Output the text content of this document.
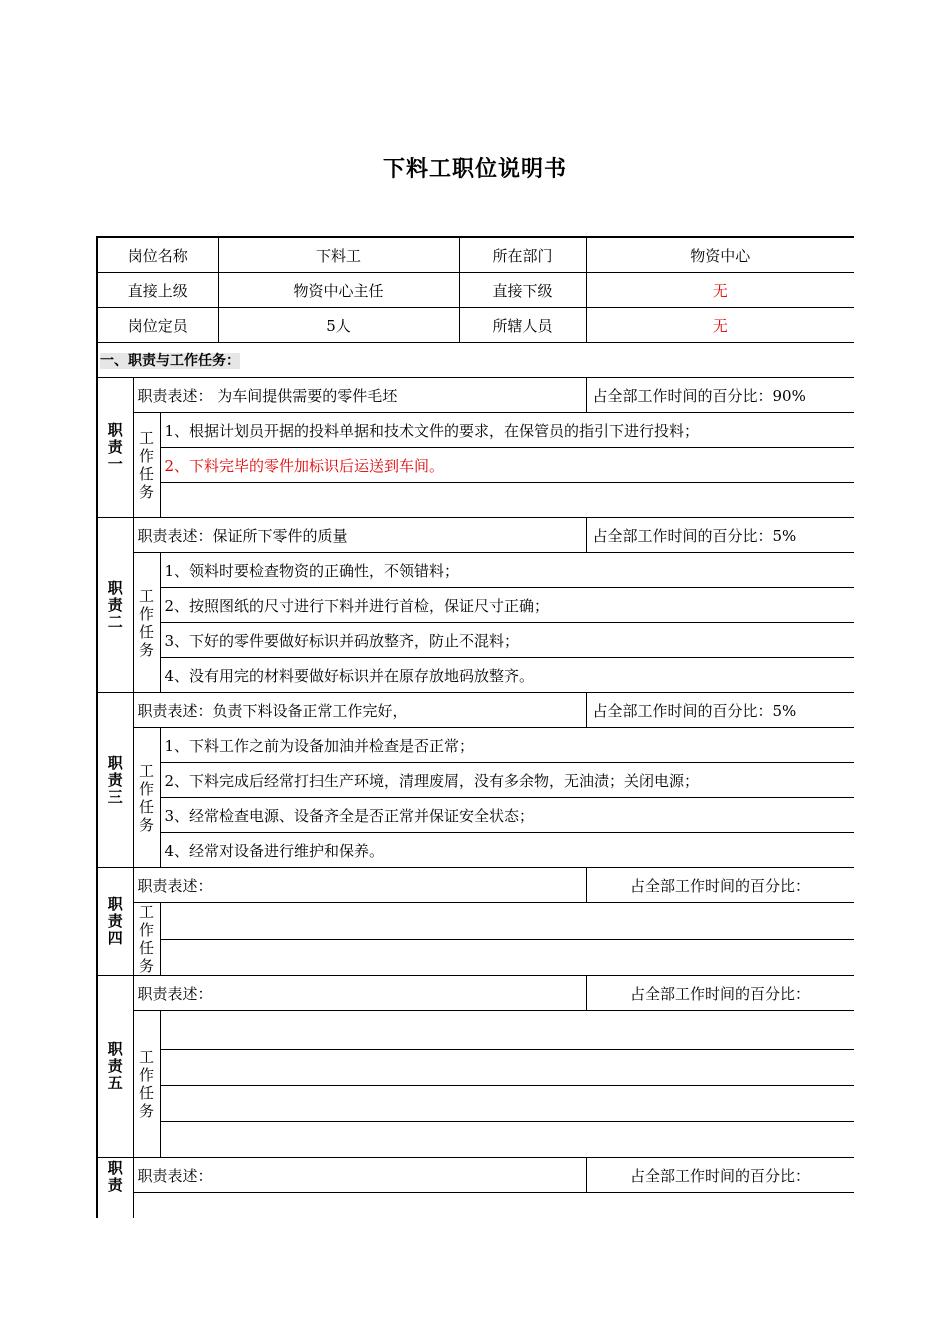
下料工职位说明书
岗位名称			下料工	所在部门	物资中心
直接上级			物资中心主任	直接下级	无
岗位定员			5人	所辖人员	无
一、职责与工作任务：					

职
责
一	职责表述： 为车间提供需要的零件毛坯				占全部工作时间的百分比：90%

	工
作
任
务	1、根据计划员开据的投料单据和技术文件的要求，在保管员的指引下进行投料；			
		2、下料完毕的零件加标识后运送到车间。			

职
责
二	职责表述：保证所下零件的质量				占全部工作时间的百分比：5%

	工
作
任
务	1、领料时要检查物资的正确性，不领错料；			
		2、按照图纸的尺寸进行下料并进行首检，保证尺寸正确；			
		3、下好的零件要做好标识并码放整齐，防止不混料；			
		4、没有用完的材料要做好标识并在原存放地码放整齐。			

职
责
三	职责表述：负责下料设备正常工作完好，				占全部工作时间的百分比：5%

	工
作
任
务	1、下料工作之前为设备加油并检查是否正常；			
		2、下料完成后经常打扫生产环境，清理废屑，没有多余物，无油渍；关闭电源；			
		3、经常检查电源、设备齐全是否正常并保证安全状态；			
		4、经常对设备进行维护和保养。			

职
责
四	职责表述：				占全部工作时间的百分比：

	工
作
任
务				

职
责
五	职责表述：				占全部工作时间的百分比：

	工
作
任
务				

职
责	职责表述：				占全部工作时间的百分比：
